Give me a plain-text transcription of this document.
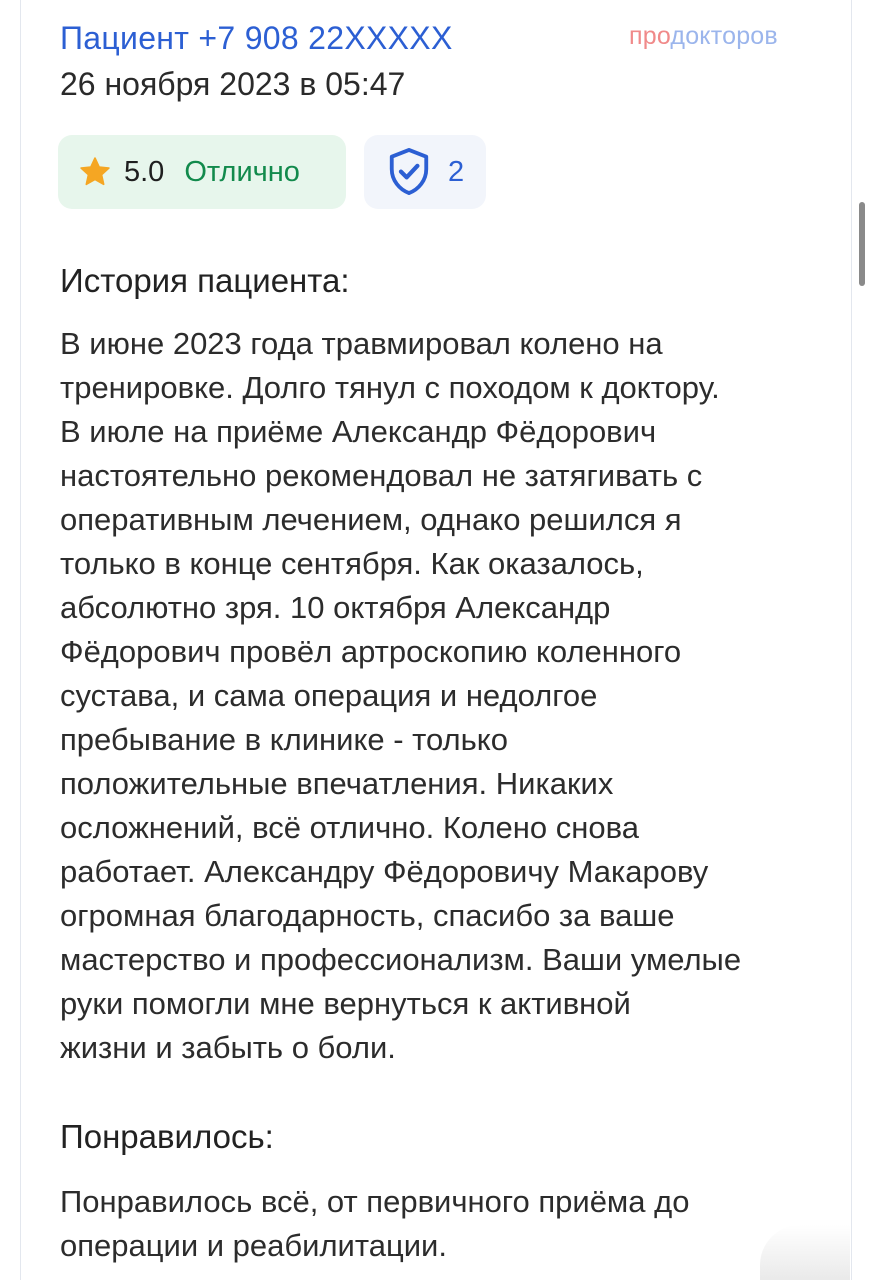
Пациент +7 908 22XXXXX	продокторов
26 ноября 2023 в 05:47
5.0 Отлично	2
История пациента:
В июне 2023 года травмировал колено на
тренировке. Долго тянул с походом к доктору.
В июле на приёме Александр Фёдорович
настоятельно рекомендовал не затягивать с
оперативным лечением, однако решился я
только в конце сентября. Как оказалось,
абсолютно зря. 10 октября Александр
Фёдорович провёл артроскопию коленного
сустава, и сама операция и недолгое
пребывание в клинике - только
положительные впечатления. Никаких
осложнений, всё отлично. Колено снова
работает. Александру Фёдоровичу Макарову
огромная благодарность, спасибо за ваше
мастерство и профессионализм. Ваши умелые
руки помогли мне вернуться к активной
жизни и забыть о боли.
Понравилось:
Понравилось всё, от первичного приёма до
операции и реабилитации.
